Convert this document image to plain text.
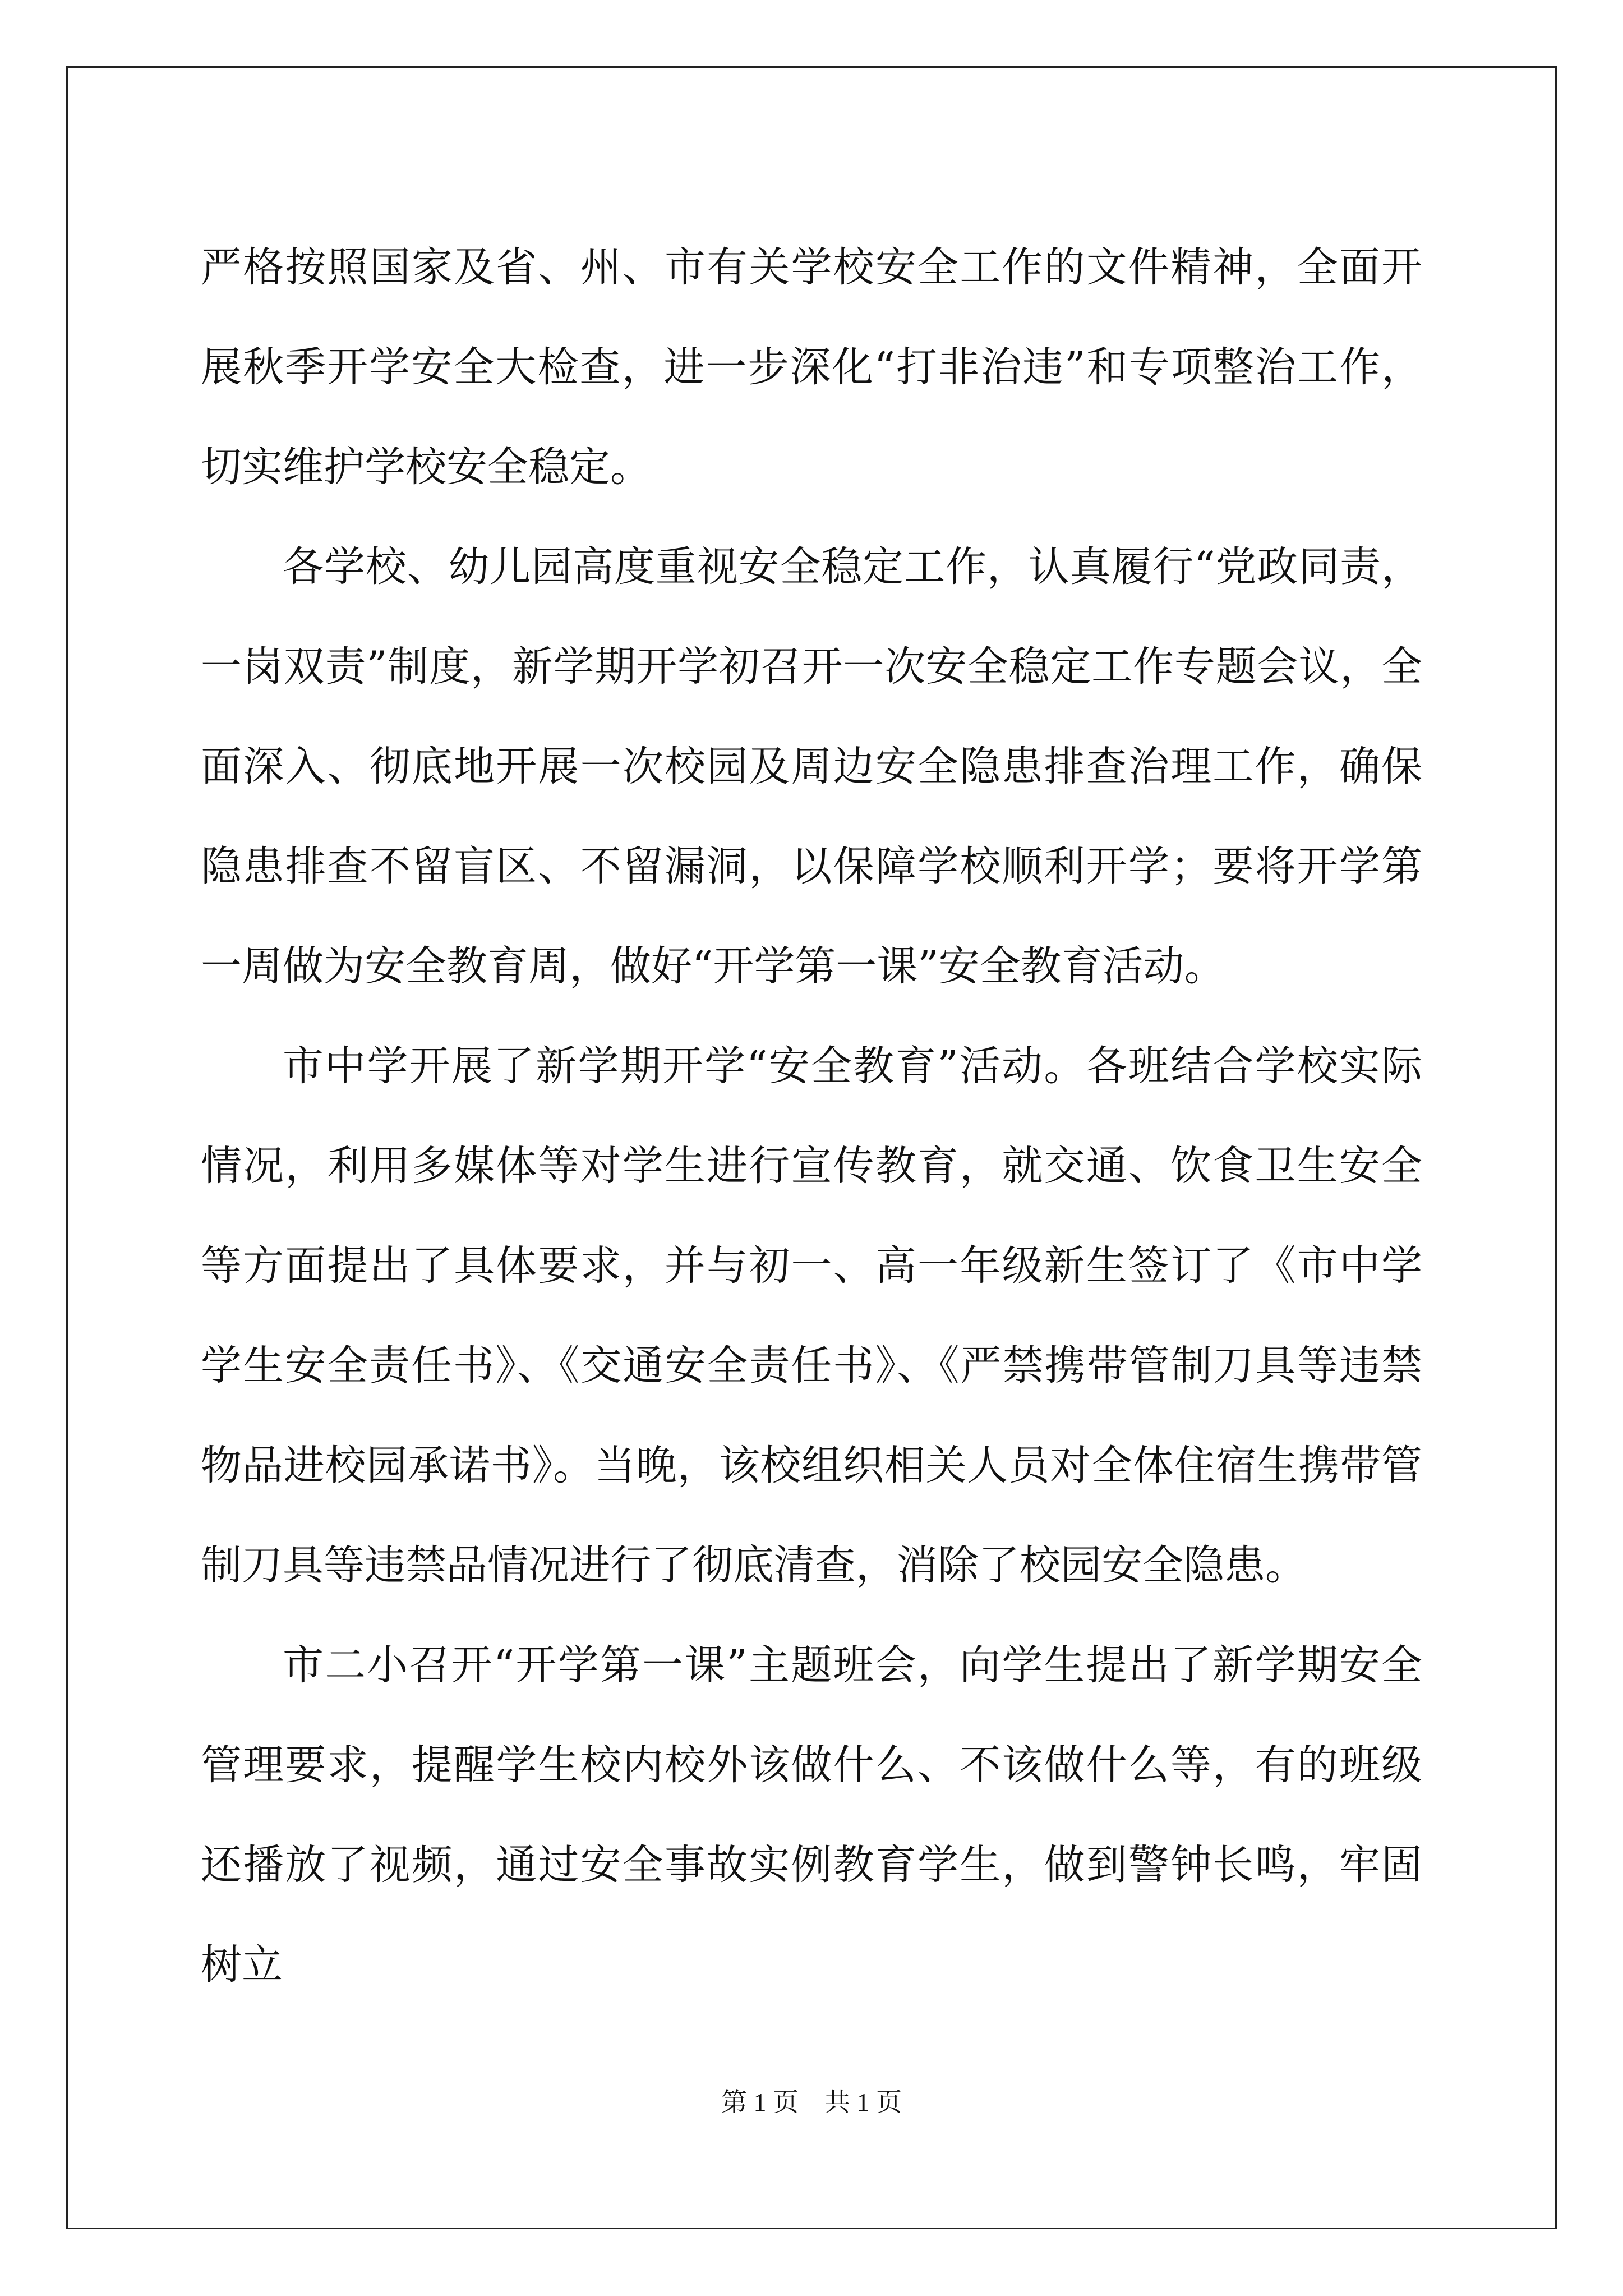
严格按照国家及省、州、市有关学校安全工作的文件精神，全面开展秋季开学安全大检查，进一步深化“打非治违”和专项整治工作，切实维护学校安全稳定。

各学校、幼儿园高度重视安全稳定工作，认真履行“党政同责，一岗双责”制度，新学期开学初召开一次安全稳定工作专题会议，全面深入、彻底地开展一次校园及周边安全隐患排查治理工作，确保隐患排查不留盲区、不留漏洞，以保障学校顺利开学；要将开学第一周做为安全教育周，做好“开学第一课”安全教育活动。

市中学开展了新学期开学“安全教育”活动。各班结合学校实际情况，利用多媒体等对学生进行宣传教育，就交通、饮食卫生安全等方面提出了具体要求，并与初一、高一年级新生签订了《市中学学生安全责任书》、《交通安全责任书》、《严禁携带管制刀具等违禁物品进校园承诺书》。当晚，该校组织相关人员对全体住宿生携带管制刀具等违禁品情况进行了彻底清查，消除了校园安全隐患。

市二小召开“开学第一课”主题班会，向学生提出了新学期安全管理要求，提醒学生校内校外该做什么、不该做什么等，有的班级还播放了视频，通过安全事故实例教育学生，做到警钟长鸣，牢固树立

第 1 页　共 1 页
